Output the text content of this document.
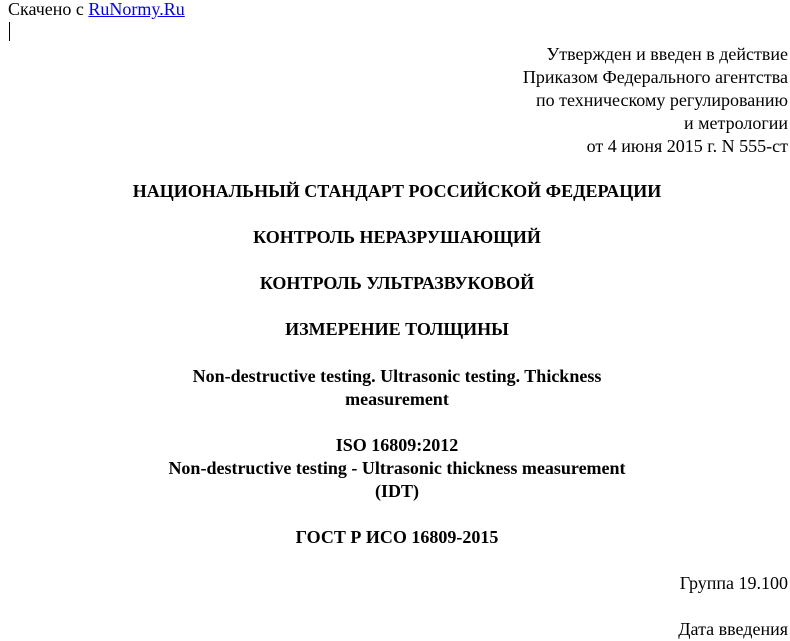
Скачено с RuNormy.Ru
Утвержден и введен в действие
Приказом Федерального агентства
по техническому регулированию
и метрологии
от 4 июня 2015 г. N 555-ст
НАЦИОНАЛЬНЫЙ СТАНДАРТ РОССИЙСКОЙ ФЕДЕРАЦИИ
КОНТРОЛЬ НЕРАЗРУШАЮЩИЙ
КОНТРОЛЬ УЛЬТРАЗВУКОВОЙ
ИЗМЕРЕНИЕ ТОЛЩИНЫ
Non-destructive testing. Ultrasonic testing. Thickness
measurement
ISO 16809:2012
Non-destructive testing - Ultrasonic thickness measurement
(IDT)
ГОСТ Р ИСО 16809-2015
Группа 19.100
Дата введения
